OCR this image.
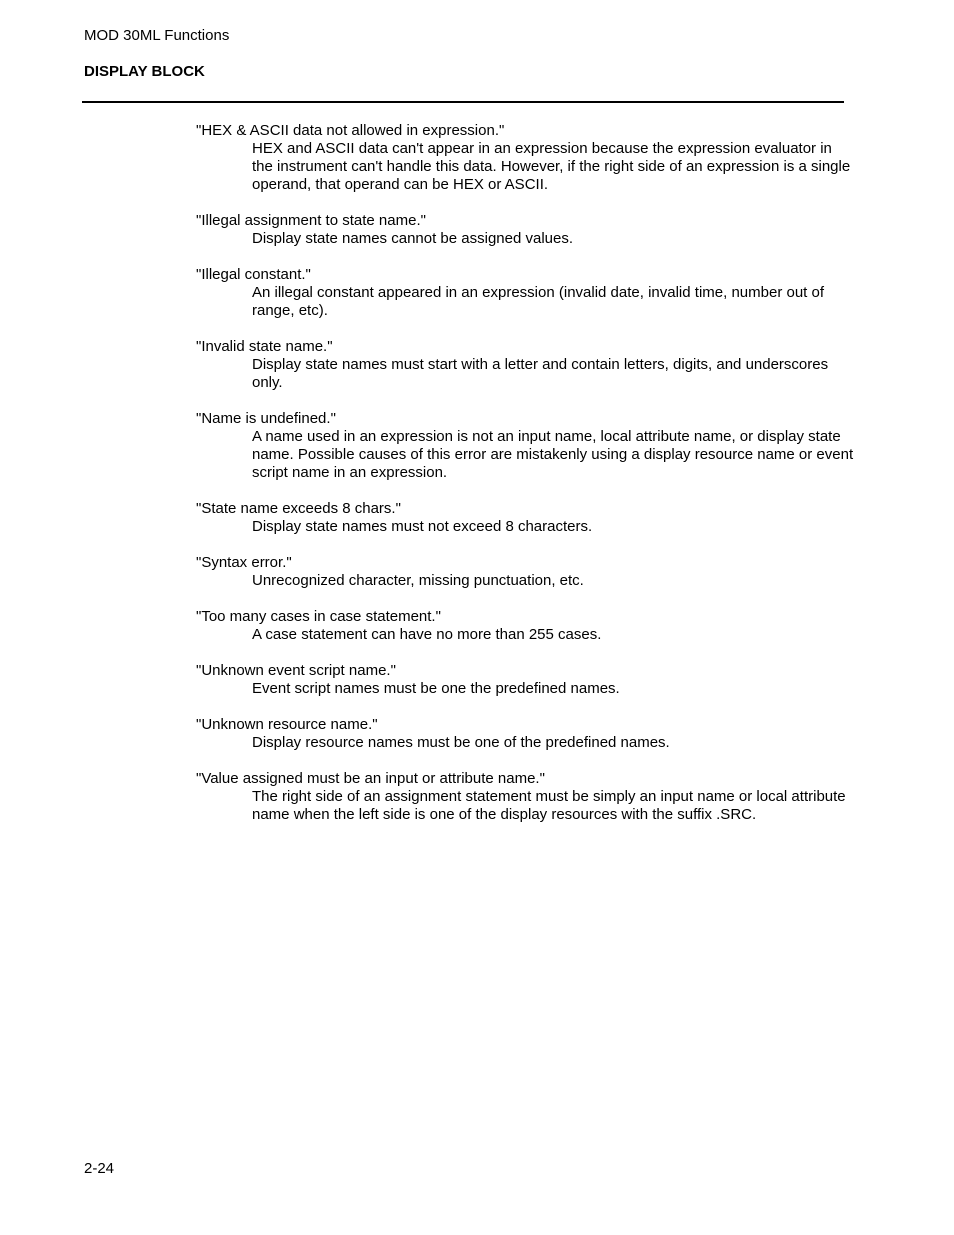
MOD 30ML Functions
DISPLAY BLOCK
"HEX & ASCII data not allowed in expression."
HEX and ASCII data can't appear in an expression because the expression evaluator in the instrument can't handle this data. However, if the right side of an expression is a single operand, that operand can be HEX or ASCII.
"Illegal assignment to state name."
Display state names cannot be assigned values.
"Illegal constant."
An illegal constant appeared in an expression (invalid date, invalid time, number out of range, etc).
"Invalid state name."
Display state names must start with a letter and contain letters, digits, and underscores only.
"Name is undefined."
A name used in an expression is not an input name, local attribute name, or display state name. Possible causes of this error are mistakenly using a display resource name or event script name in an expression.
"State name exceeds 8 chars."
Display state names must not exceed 8 characters.
"Syntax error."
Unrecognized character, missing punctuation, etc.
"Too many cases in case statement."
A case statement can have no more than 255 cases.
"Unknown event script name."
Event script names must be one the predefined names.
"Unknown resource name."
Display resource names must be one of the predefined names.
"Value assigned must be an input or attribute name."
The right side of an assignment statement must be simply an input name or local attribute name when the left side is one of the display resources with the suffix .SRC.
2-24
